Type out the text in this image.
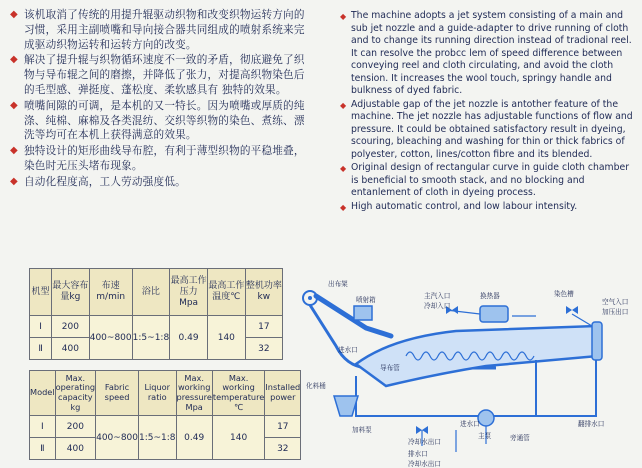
◆ 该机取消了传统的用提升辊驱动织物和改变织物运转方向的习惯，采用主副喷嘴和导向接合器共同组成的喷射系统来完成驱动织物运转和运转方向的改变。
◆ 解决了提升辊与织物循环速度不一致的矛盾，彻底避免了织物与导布辊之间的磨擦，并降低了张力，对提高织物染色后的毛型感、弹挺度、蓬松度、柔软感具有 独特的效果。
◆ 喷嘴间隙的可调，是本机的又一特长。因为喷嘴或厚质的纯涤、纯棉、麻棉及各类混纺、交织等织物的染色、煮练、漂洗等均可在本机上获得满意的效果。
◆ 独特设计的矩形曲线导布腔，有利于薄型织物的平稳堆叠，染色时无压头堵布现象。
◆ 自动化程度高，工人劳动强度低。
◆ The machine adopts a jet system consisting of a main and sub jet nozzle and a guide-adapter to drive running of cloth and to change its running direction instead of tradional reel. It can resolve the probcc lem of speed difference between conveying reel and cloth circulating, and avoid the cloth tension. It increases the wool touch, springy handle and bulkness of dyed fabric.
◆ Adjustable gap of the jet nozzle is antother feature of the machine. The jet nozzle has adjustable functions of flow and pressure. It could be obtained satisfactory result in dyeing, scouring, bleaching and washing for thin or thick fabrics of polyester, cotton, lines/cotton fibre and its blended.
◆ Original design of rectangular curve in guide cloth chamber is beneficial to smooth stack, and no blocking and entanlement of cloth in dyeing process.
◆ High automatic control, and low labour intensity.
机型	最大容布量kg	布速m/min	浴比	最高工作压力Mpa	最高工作温度℃	整机功率kw
Ⅰ	200	400~800	1:5~1:8	0.49	140	17
Ⅱ	400					32
Model	Max. operating capacity kg	Fabric speed	Liquor ratio	Max. working pressure Mpa	Max. working temperature ℃	Installed power
Ⅰ	200	400~800	1:5~1:8	0.49	140	17
Ⅱ	400					32
出布架
喷射箱	主汽入口
冷却入口
换热器	染色槽
空气入口
加压出口
进水口
导布管
化料桶
加料泵
进水口
冷却水出口
排水口
冷却水出口
主泵	旁通管
翻排水口
